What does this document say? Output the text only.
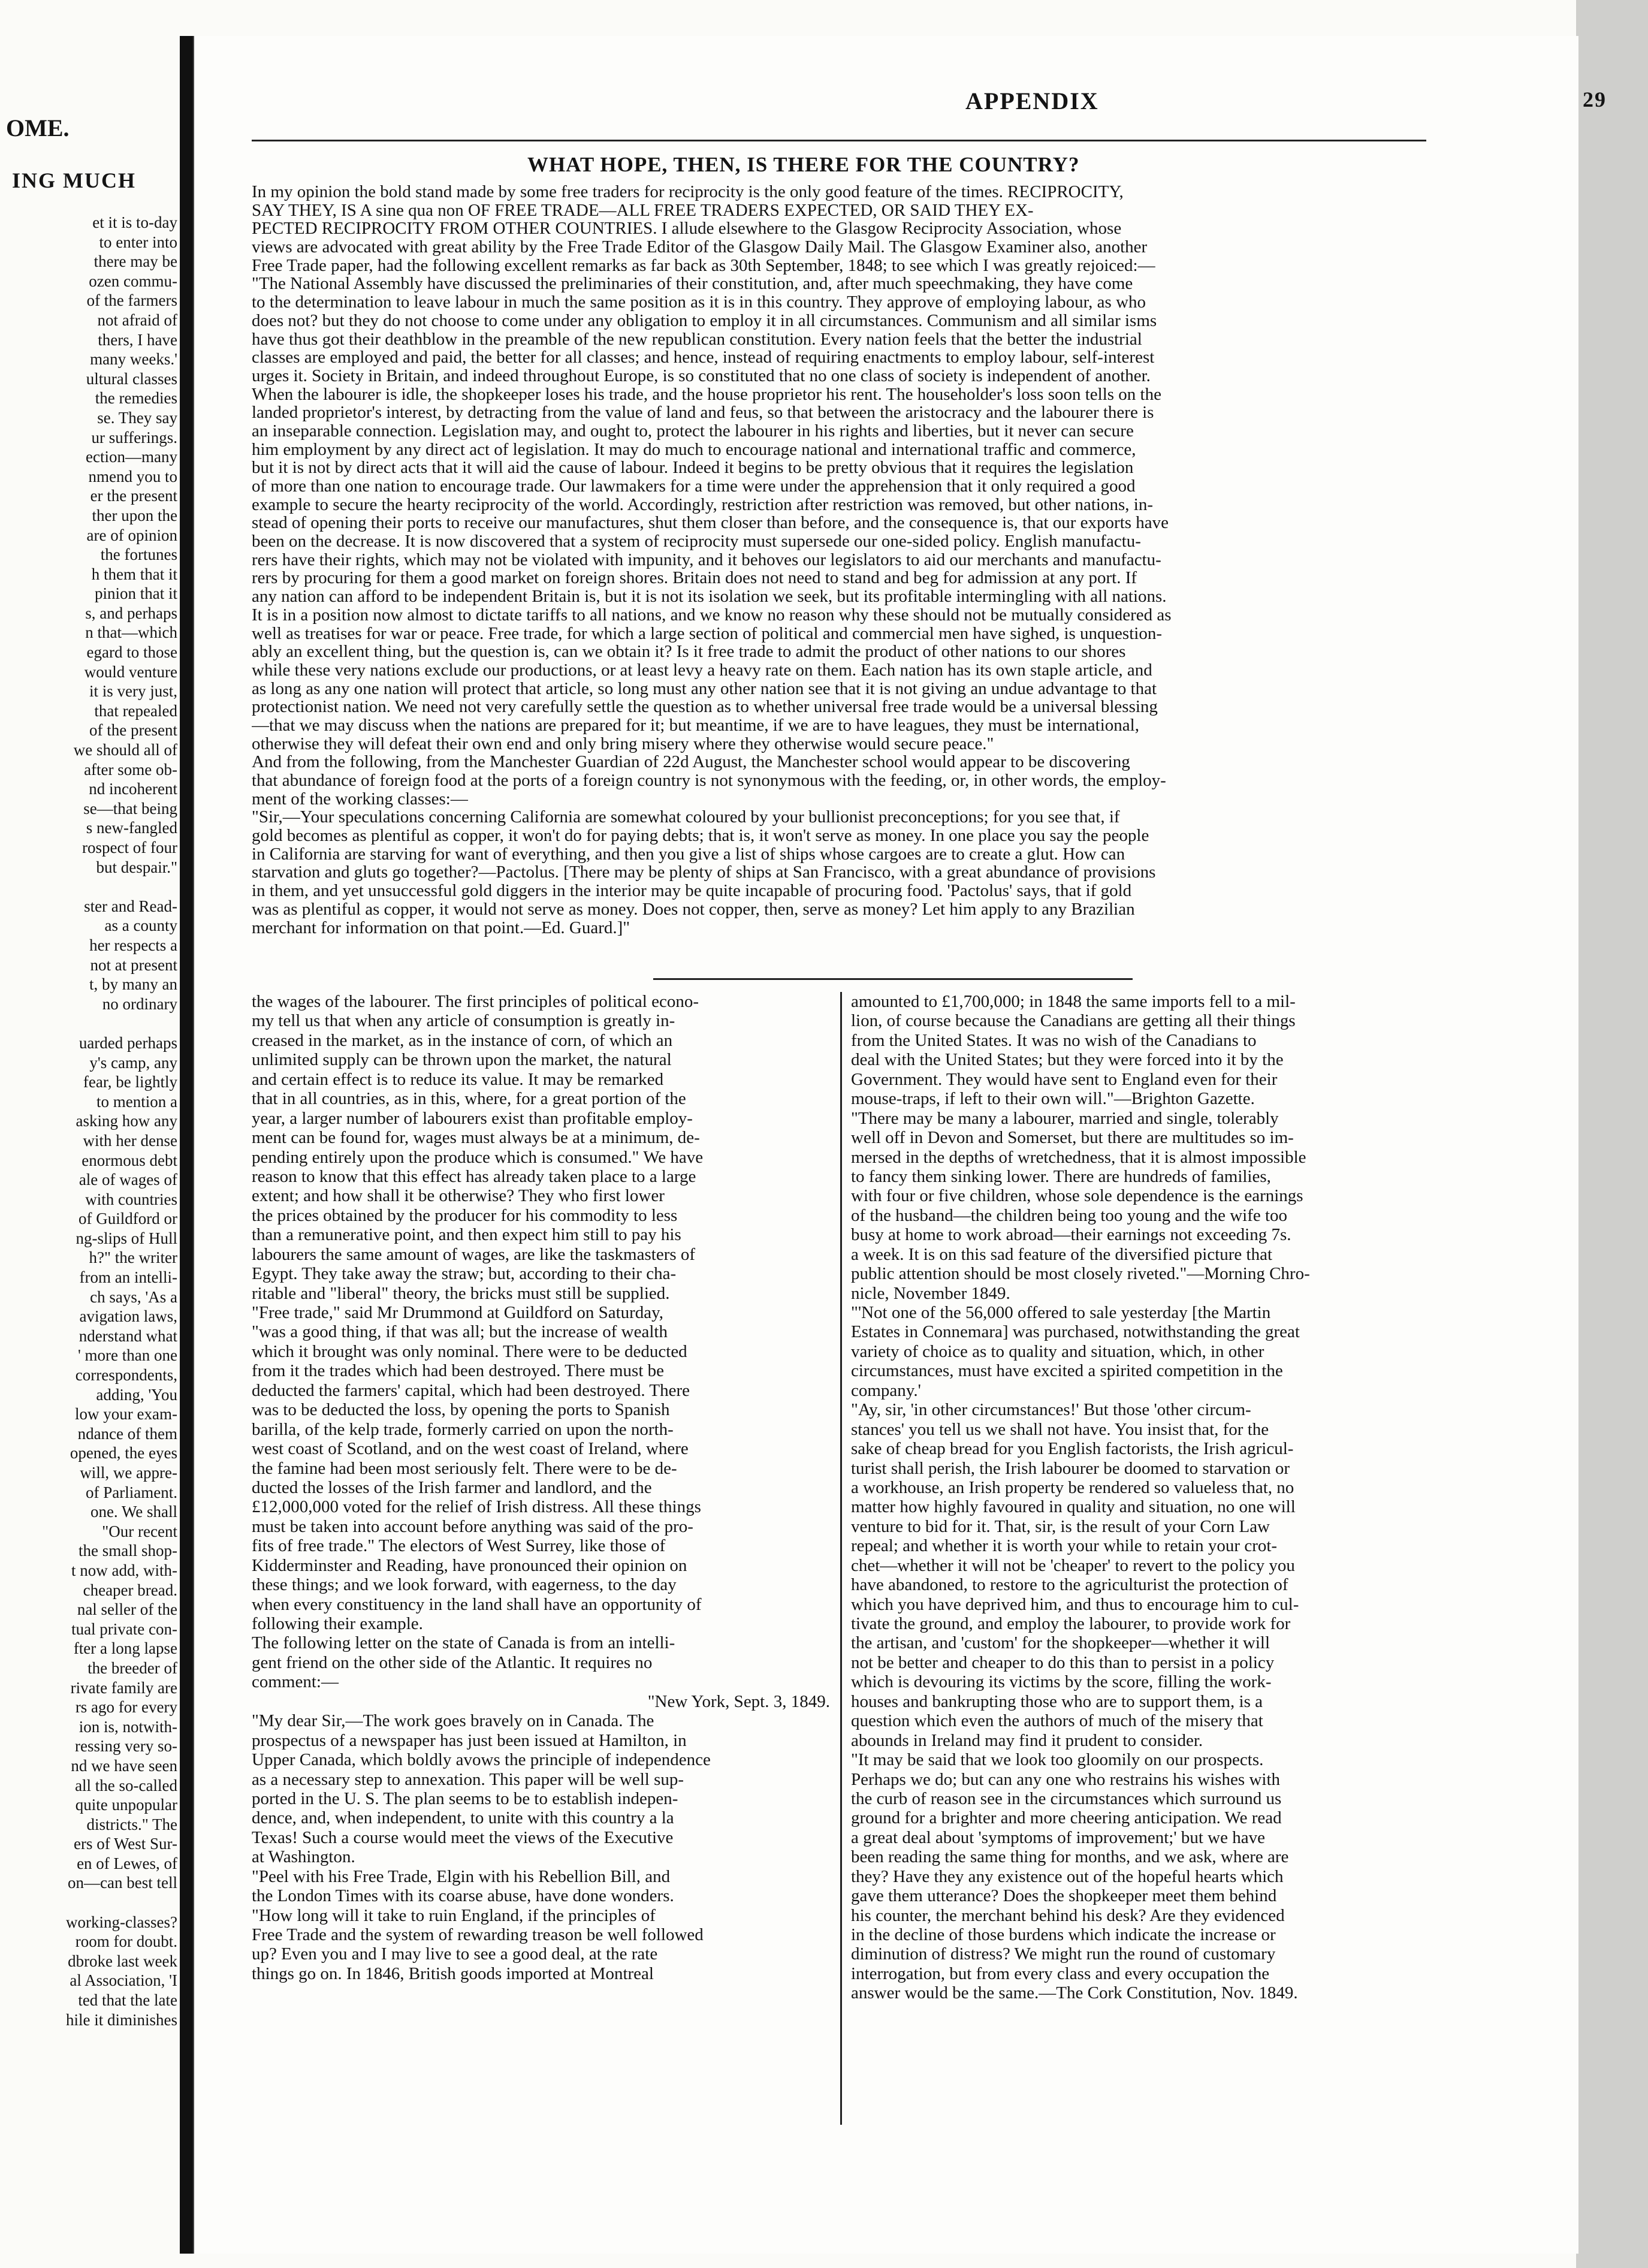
OME.
ING MUCH
et it is to-day
to enter into
there may be
ozen commu-
of the farmers
not afraid of
thers, I have
many weeks.'
ultural classes
the remedies
se. They say
ur sufferings.
ection—many
nmend you to
er the present
ther upon the
are of opinion
the fortunes
h them that it
pinion that it
s, and perhaps
n that—which
egard to those
would venture
it is very just,
that repealed
of the present
we should all of
after some ob-
nd incoherent
se—that being
s new-fangled
rospect of four
but despair."
ster and Read-
as a county
her respects a
not at present
t, by many an
no ordinary
uarded perhaps
y's camp, any
fear, be lightly
to mention a
asking how any
with her dense
enormous debt
ale of wages of
with countries
of Guildford or
ng-slips of Hull
h?" the writer
from an intelli-
ch says, 'As a
avigation laws,
nderstand what
' more than one
correspondents,
adding, 'You
low your exam-
ndance of them
opened, the eyes
will, we appre-
of Parliament.
one. We shall
"Our recent
the small shop-
t now add, with-
cheaper bread.
nal seller of the
tual private con-
fter a long lapse
the breeder of
rivate family are
rs ago for every
ion is, notwith-
ressing very so-
nd we have seen
all the so-called
quite unpopular
districts." The
ers of West Sur-
en of Lewes, of
on—can best tell
working-classes?
room for doubt.
dbroke last week
al Association, 'I
ted that the late
hile it diminishes
APPENDIX	29
WHAT HOPE, THEN, IS THERE FOR THE COUNTRY?
In my opinion the bold stand made by some free traders for reciprocity is the only good feature of the times. RECIPROCITY,
SAY THEY, IS A sine qua non OF FREE TRADE—ALL FREE TRADERS EXPECTED, OR SAID THEY EX-
PECTED RECIPROCITY FROM OTHER COUNTRIES. I allude elsewhere to the Glasgow Reciprocity Association, whose
views are advocated with great ability by the Free Trade Editor of the Glasgow Daily Mail. The Glasgow Examiner also, another
Free Trade paper, had the following excellent remarks as far back as 30th September, 1848; to see which I was greatly rejoiced:—
"The National Assembly have discussed the preliminaries of their constitution, and, after much speechmaking, they have come
to the determination to leave labour in much the same position as it is in this country. They approve of employing labour, as who
does not? but they do not choose to come under any obligation to employ it in all circumstances. Communism and all similar isms
have thus got their deathblow in the preamble of the new republican constitution. Every nation feels that the better the industrial
classes are employed and paid, the better for all classes; and hence, instead of requiring enactments to employ labour, self-interest
urges it. Society in Britain, and indeed throughout Europe, is so constituted that no one class of society is independent of another.
When the labourer is idle, the shopkeeper loses his trade, and the house proprietor his rent. The householder's loss soon tells on the
landed proprietor's interest, by detracting from the value of land and feus, so that between the aristocracy and the labourer there is
an inseparable connection. Legislation may, and ought to, protect the labourer in his rights and liberties, but it never can secure
him employment by any direct act of legislation. It may do much to encourage national and international traffic and commerce,
but it is not by direct acts that it will aid the cause of labour. Indeed it begins to be pretty obvious that it requires the legislation
of more than one nation to encourage trade. Our lawmakers for a time were under the apprehension that it only required a good
example to secure the hearty reciprocity of the world. Accordingly, restriction after restriction was removed, but other nations, in-
stead of opening their ports to receive our manufactures, shut them closer than before, and the consequence is, that our exports have
been on the decrease. It is now discovered that a system of reciprocity must supersede our one-sided policy. English manufactu-
rers have their rights, which may not be violated with impunity, and it behoves our legislators to aid our merchants and manufactu-
rers by procuring for them a good market on foreign shores. Britain does not need to stand and beg for admission at any port. If
any nation can afford to be independent Britain is, but it is not its isolation we seek, but its profitable intermingling with all nations.
It is in a position now almost to dictate tariffs to all nations, and we know no reason why these should not be mutually considered as
well as treatises for war or peace. Free trade, for which a large section of political and commercial men have sighed, is unquestion-
ably an excellent thing, but the question is, can we obtain it? Is it free trade to admit the product of other nations to our shores
while these very nations exclude our productions, or at least levy a heavy rate on them. Each nation has its own staple article, and
as long as any one nation will protect that article, so long must any other nation see that it is not giving an undue advantage to that
protectionist nation. We need not very carefully settle the question as to whether universal free trade would be a universal blessing
—that we may discuss when the nations are prepared for it; but meantime, if we are to have leagues, they must be international,
otherwise they will defeat their own end and only bring misery where they otherwise would secure peace."
And from the following, from the Manchester Guardian of 22d August, the Manchester school would appear to be discovering
that abundance of foreign food at the ports of a foreign country is not synonymous with the feeding, or, in other words, the employ-
ment of the working classes:—
"Sir,—Your speculations concerning California are somewhat coloured by your bullionist preconceptions; for you see that, if
gold becomes as plentiful as copper, it won't do for paying debts; that is, it won't serve as money. In one place you say the people
in California are starving for want of everything, and then you give a list of ships whose cargoes are to create a glut. How can
starvation and gluts go together?—Pactolus. [There may be plenty of ships at San Francisco, with a great abundance of provisions
in them, and yet unsuccessful gold diggers in the interior may be quite incapable of procuring food. 'Pactolus' says, that if gold
was as plentiful as copper, it would not serve as money. Does not copper, then, serve as money? Let him apply to any Brazilian
merchant for information on that point.—Ed. Guard.]"
the wages of the labourer. The first principles of political econo-
my tell us that when any article of consumption is greatly in-
creased in the market, as in the instance of corn, of which an
unlimited supply can be thrown upon the market, the natural
and certain effect is to reduce its value. It may be remarked
that in all countries, as in this, where, for a great portion of the
year, a larger number of labourers exist than profitable employ-
ment can be found for, wages must always be at a minimum, de-
pending entirely upon the produce which is consumed." We have
reason to know that this effect has already taken place to a large
extent; and how shall it be otherwise? They who first lower
the prices obtained by the producer for his commodity to less
than a remunerative point, and then expect him still to pay his
labourers the same amount of wages, are like the taskmasters of
Egypt. They take away the straw; but, according to their cha-
ritable and "liberal" theory, the bricks must still be supplied.
"Free trade," said Mr Drummond at Guildford on Saturday,
"was a good thing, if that was all; but the increase of wealth
which it brought was only nominal. There were to be deducted
from it the trades which had been destroyed. There must be
deducted the farmers' capital, which had been destroyed. There
was to be deducted the loss, by opening the ports to Spanish
barilla, of the kelp trade, formerly carried on upon the north-
west coast of Scotland, and on the west coast of Ireland, where
the famine had been most seriously felt. There were to be de-
ducted the losses of the Irish farmer and landlord, and the
£12,000,000 voted for the relief of Irish distress. All these things
must be taken into account before anything was said of the pro-
fits of free trade." The electors of West Surrey, like those of
Kidderminster and Reading, have pronounced their opinion on
these things; and we look forward, with eagerness, to the day
when every constituency in the land shall have an opportunity of
following their example.
The following letter on the state of Canada is from an intelli-
gent friend on the other side of the Atlantic. It requires no
comment:—
"New York, Sept. 3, 1849.
"My dear Sir,—The work goes bravely on in Canada. The
prospectus of a newspaper has just been issued at Hamilton, in
Upper Canada, which boldly avows the principle of independence
as a necessary step to annexation. This paper will be well sup-
ported in the U. S. The plan seems to be to establish indepen-
dence, and, when independent, to unite with this country a la
Texas! Such a course would meet the views of the Executive
at Washington.
"Peel with his Free Trade, Elgin with his Rebellion Bill, and
the London Times with its coarse abuse, have done wonders.
"How long will it take to ruin England, if the principles of
Free Trade and the system of rewarding treason be well followed
up? Even you and I may live to see a good deal, at the rate
things go on. In 1846, British goods imported at Montreal
amounted to £1,700,000; in 1848 the same imports fell to a mil-
lion, of course because the Canadians are getting all their things
from the United States. It was no wish of the Canadians to
deal with the United States; but they were forced into it by the
Government. They would have sent to England even for their
mouse-traps, if left to their own will."—Brighton Gazette.
"There may be many a labourer, married and single, tolerably
well off in Devon and Somerset, but there are multitudes so im-
mersed in the depths of wretchedness, that it is almost impossible
to fancy them sinking lower. There are hundreds of families,
with four or five children, whose sole dependence is the earnings
of the husband—the children being too young and the wife too
busy at home to work abroad—their earnings not exceeding 7s.
a week. It is on this sad feature of the diversified picture that
public attention should be most closely riveted."—Morning Chro-
nicle, November 1849.
"'Not one of the 56,000 offered to sale yesterday [the Martin
Estates in Connemara] was purchased, notwithstanding the great
variety of choice as to quality and situation, which, in other
circumstances, must have excited a spirited competition in the
company.'
"Ay, sir, 'in other circumstances!' But those 'other circum-
stances' you tell us we shall not have. You insist that, for the
sake of cheap bread for you English factorists, the Irish agricul-
turist shall perish, the Irish labourer be doomed to starvation or
a workhouse, an Irish property be rendered so valueless that, no
matter how highly favoured in quality and situation, no one will
venture to bid for it. That, sir, is the result of your Corn Law
repeal; and whether it is worth your while to retain your crot-
chet—whether it will not be 'cheaper' to revert to the policy you
have abandoned, to restore to the agriculturist the protection of
which you have deprived him, and thus to encourage him to cul-
tivate the ground, and employ the labourer, to provide work for
the artisan, and 'custom' for the shopkeeper—whether it will
not be better and cheaper to do this than to persist in a policy
which is devouring its victims by the score, filling the work-
houses and bankrupting those who are to support them, is a
question which even the authors of much of the misery that
abounds in Ireland may find it prudent to consider.
"It may be said that we look too gloomily on our prospects.
Perhaps we do; but can any one who restrains his wishes with
the curb of reason see in the circumstances which surround us
ground for a brighter and more cheering anticipation. We read
a great deal about 'symptoms of improvement;' but we have
been reading the same thing for months, and we ask, where are
they? Have they any existence out of the hopeful hearts which
gave them utterance? Does the shopkeeper meet them behind
his counter, the merchant behind his desk? Are they evidenced
in the decline of those burdens which indicate the increase or
diminution of distress? We might run the round of customary
interrogation, but from every class and every occupation the
answer would be the same.—The Cork Constitution, Nov. 1849.
